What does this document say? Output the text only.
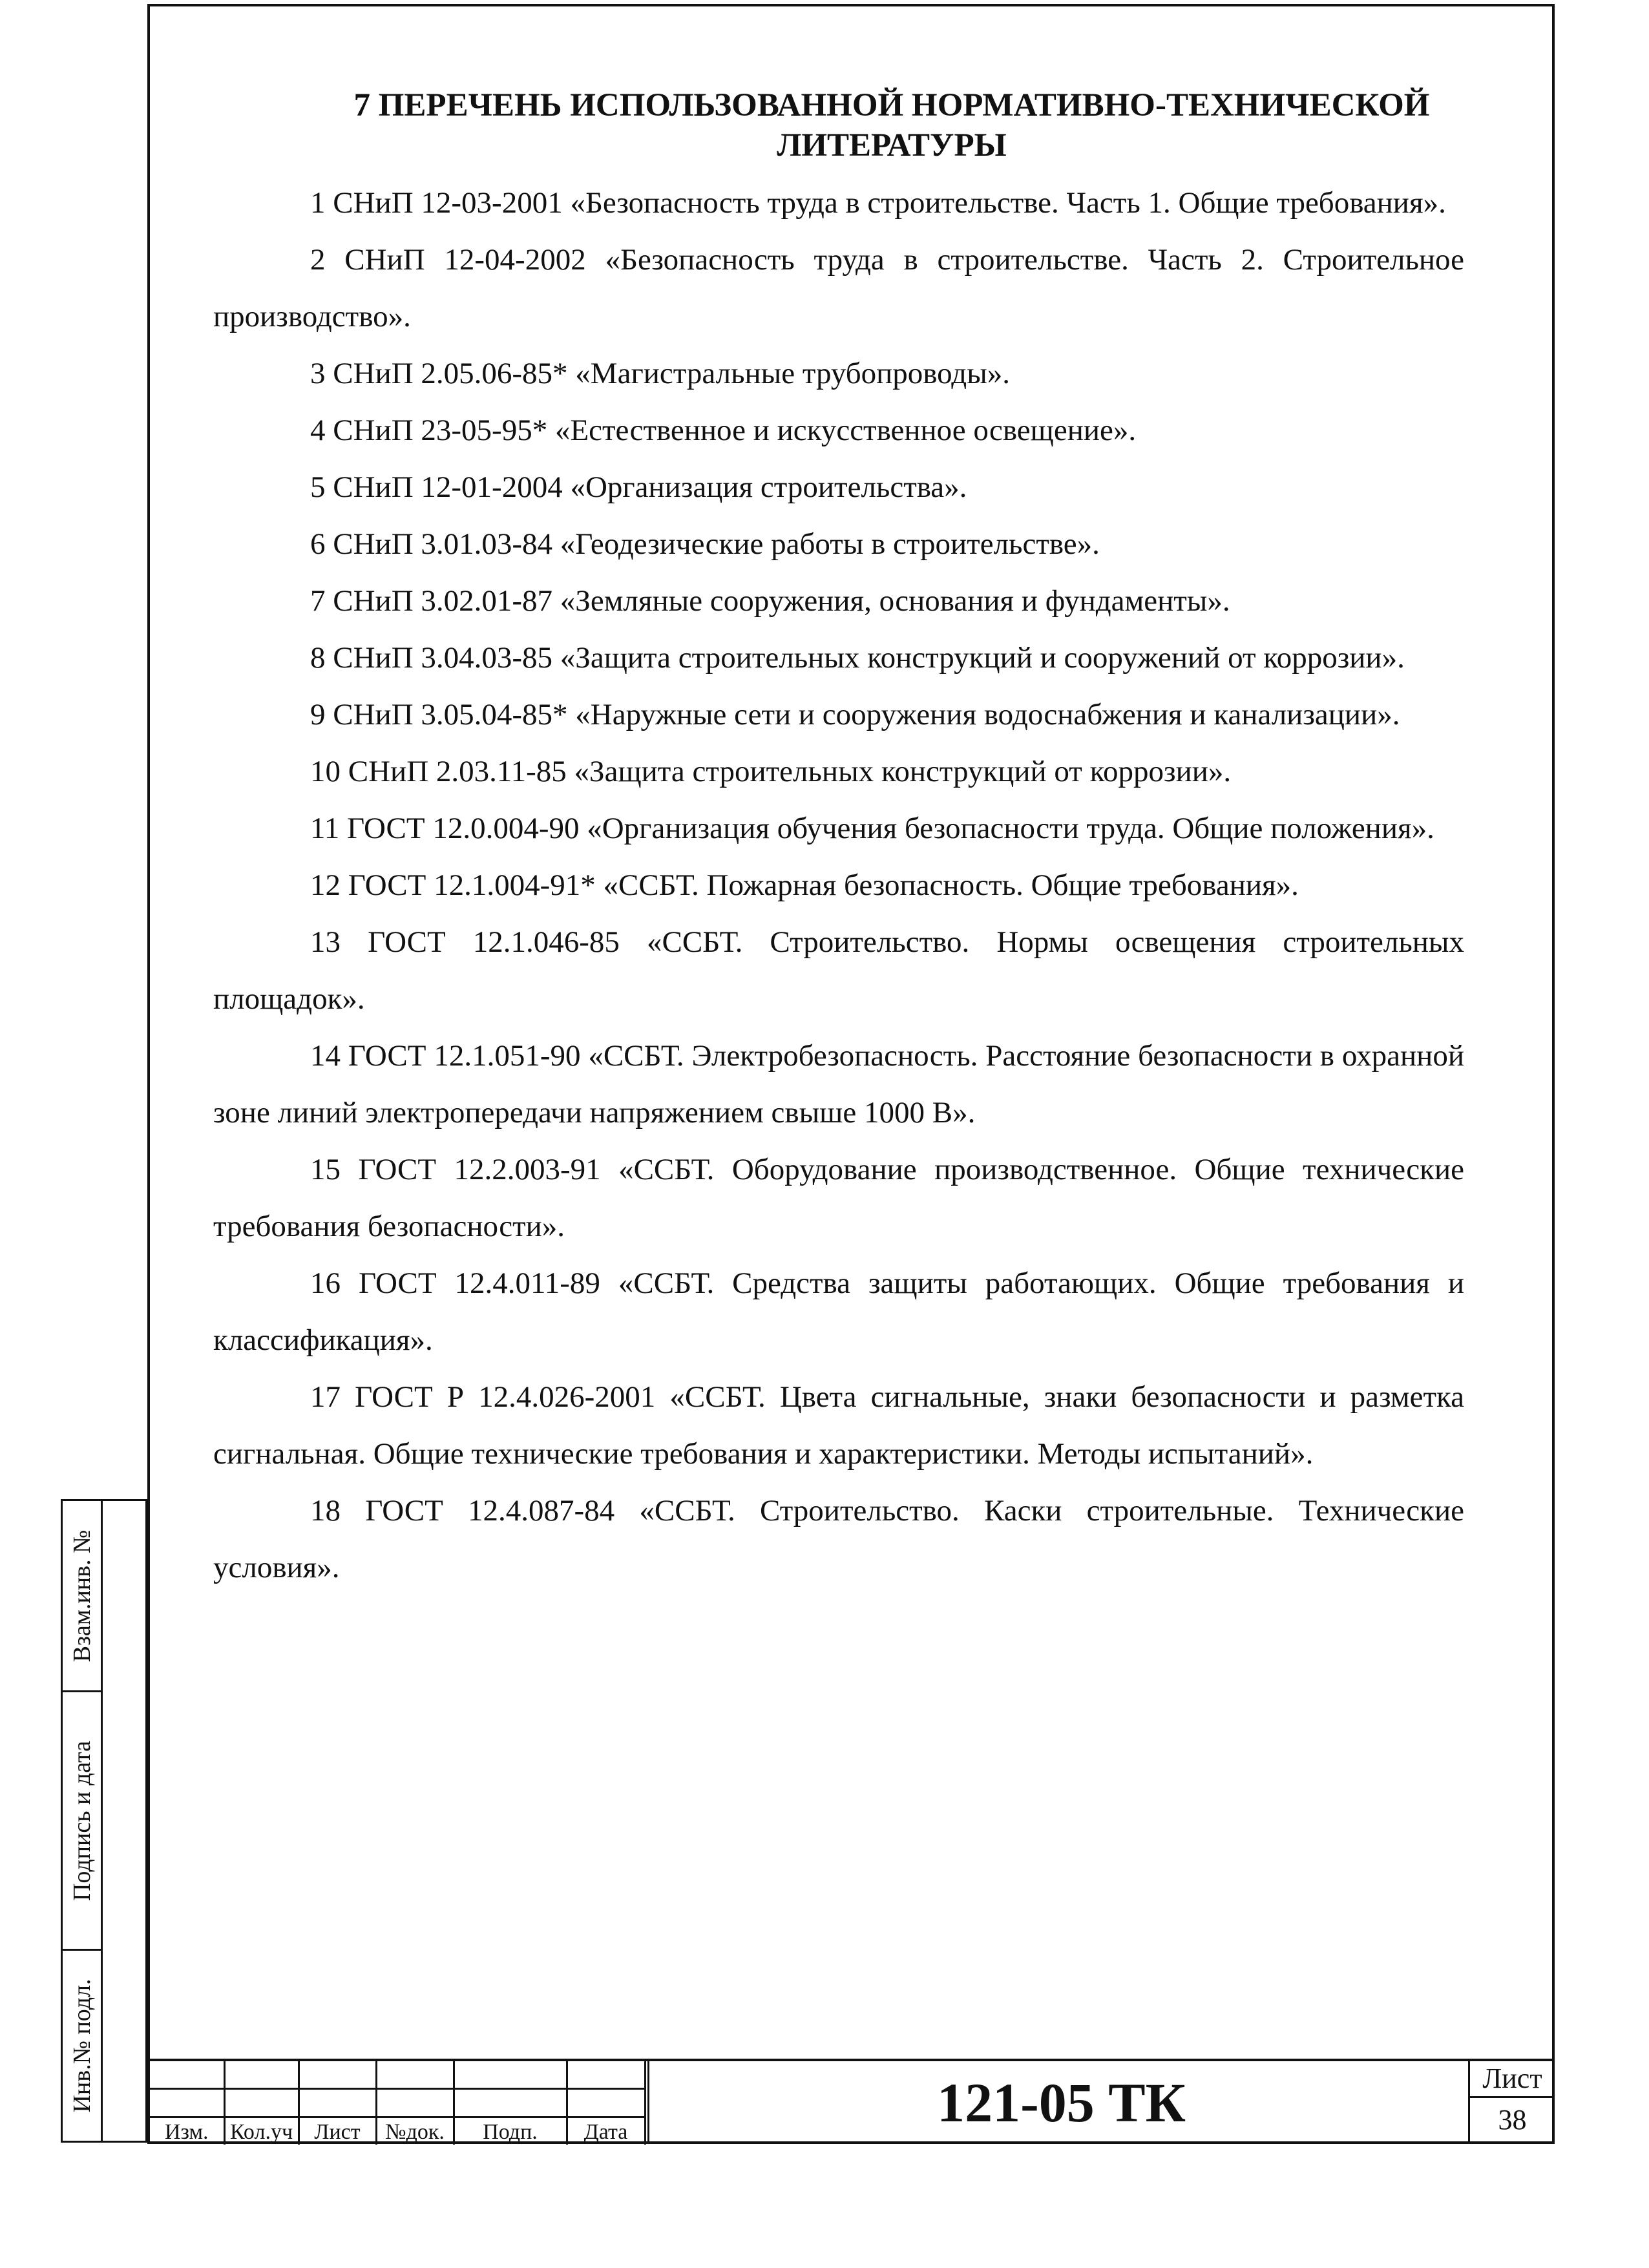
7 ПЕРЕЧЕНЬ ИСПОЛЬЗОВАННОЙ НОРМАТИВНО-ТЕХНИЧЕСКОЙ
ЛИТЕРАТУРЫ

1 СНиП 12-03-2001 «Безопасность труда в строительстве. Часть 1. Общие требования».

2 СНиП 12-04-2002 «Безопасность труда в строительстве. Часть 2. Строительное производство».

3 СНиП 2.05.06-85* «Магистральные трубопроводы».

4 СНиП 23-05-95* «Естественное и искусственное освещение».

5 СНиП 12-01-2004 «Организация строительства».

6 СНиП 3.01.03-84 «Геодезические работы в строительстве».

7 СНиП 3.02.01-87 «Земляные сооружения, основания и фундаменты».

8 СНиП 3.04.03-85 «Защита строительных конструкций и сооружений от коррозии».

9 СНиП 3.05.04-85* «Наружные сети и сооружения водоснабжения и канализации».

10 СНиП 2.03.11-85 «Защита строительных конструкций от коррозии».

11 ГОСТ 12.0.004-90 «Организация обучения безопасности труда. Общие положения».

12 ГОСТ 12.1.004-91* «ССБТ. Пожарная безопасность. Общие требования».

13 ГОСТ 12.1.046-85 «ССБТ. Строительство. Нормы освещения строительных площадок».

14 ГОСТ 12.1.051-90 «ССБТ. Электробезопасность. Расстояние безопасности в охранной зоне линий электропередачи напряжением свыше 1000 В».

15 ГОСТ 12.2.003-91 «ССБТ. Оборудование производственное. Общие технические требования безопасности».

16 ГОСТ 12.4.011-89 «ССБТ. Средства защиты работающих. Общие требования и классификация».

17 ГОСТ Р 12.4.026-2001 «ССБТ. Цвета сигнальные, знаки безопасности и разметка сигнальная. Общие технические требования и характеристики. Методы испытаний».

18 ГОСТ 12.4.087-84 «ССБТ. Строительство. Каски строительные. Технические условия».

Изм.	Кол.уч	Лист	№док.	Подп.	Дата	121-05 ТК	Лист
38
Взам.инв. №
Подпись и дата
Инв.№ подл.
